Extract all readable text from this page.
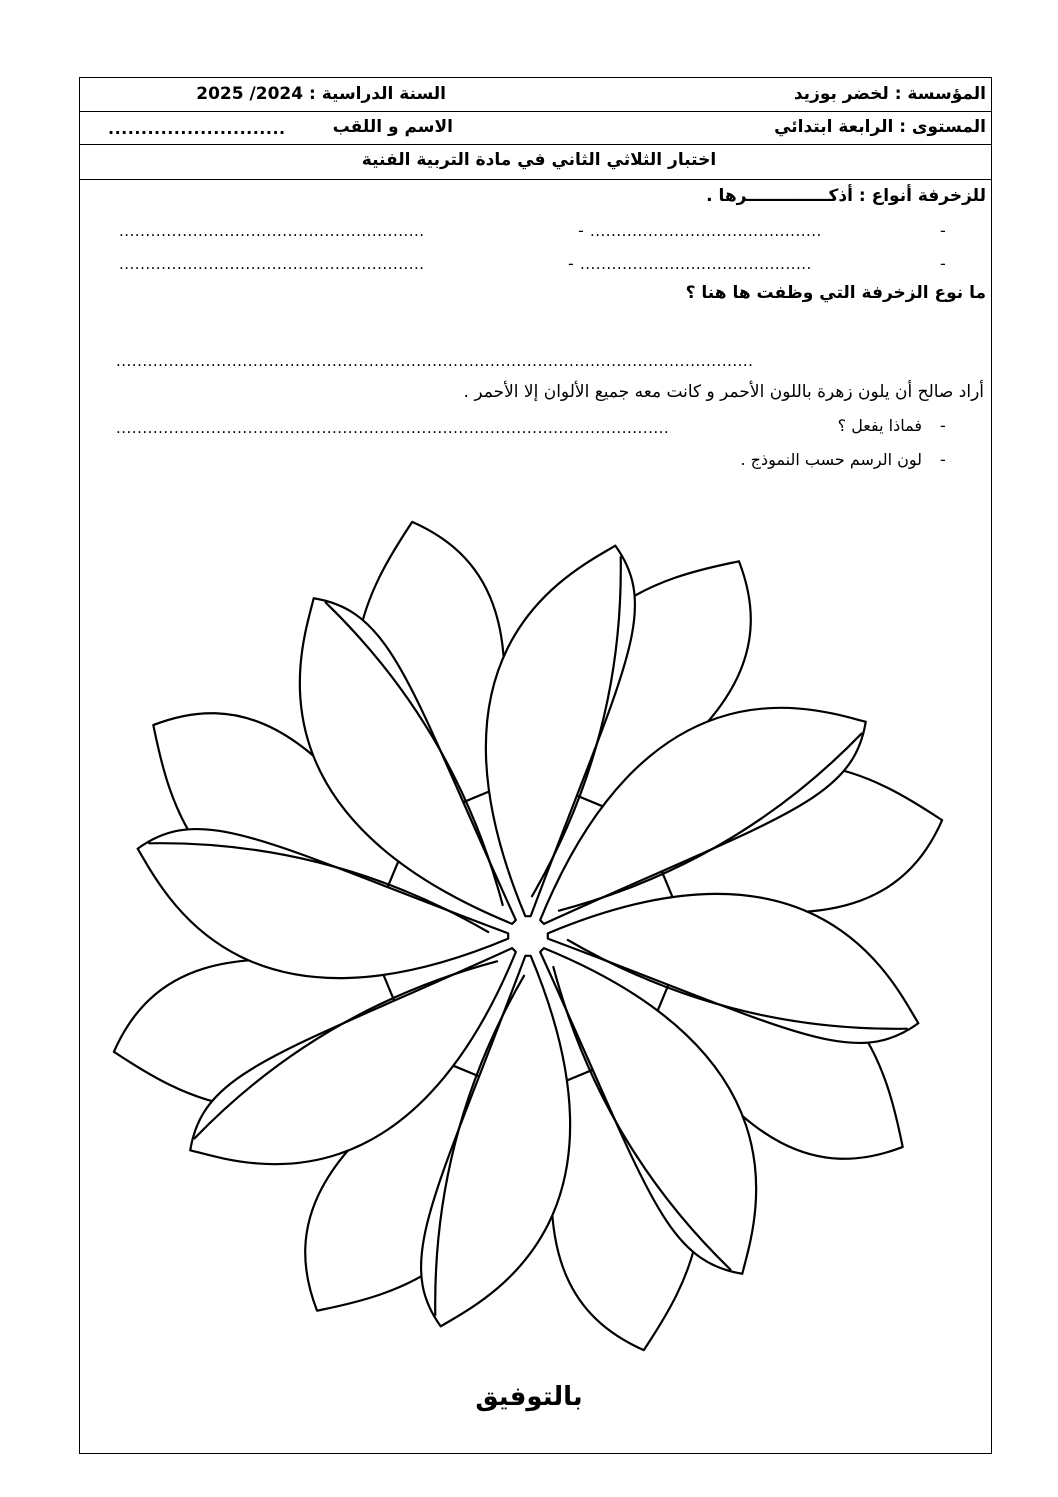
المؤسسة : لخضر بوزيد
السنة الدراسية : 2024/ 2025
المستوى : الرابعة ابتدائي
الاسم و اللقب
...........................
اختبار الثلاثي الثاني في مادة التربية الفنية
للزخرفة أنواع : أذكــــــــــــــرها .
-
............................................
-
..........................................................
-
............................................
-
..........................................................
ما نوع الزخرفة التي وظفت ها هنا ؟
.........................................................................................................................
أراد صالح أن يلون زهرة باللون الأحمر و كانت معه جميع الألوان إلا الأحمر .
-
فماذا يفعل ؟
.........................................................................................................
-
لون الرسم حسب النموذج .
بالتوفيق
